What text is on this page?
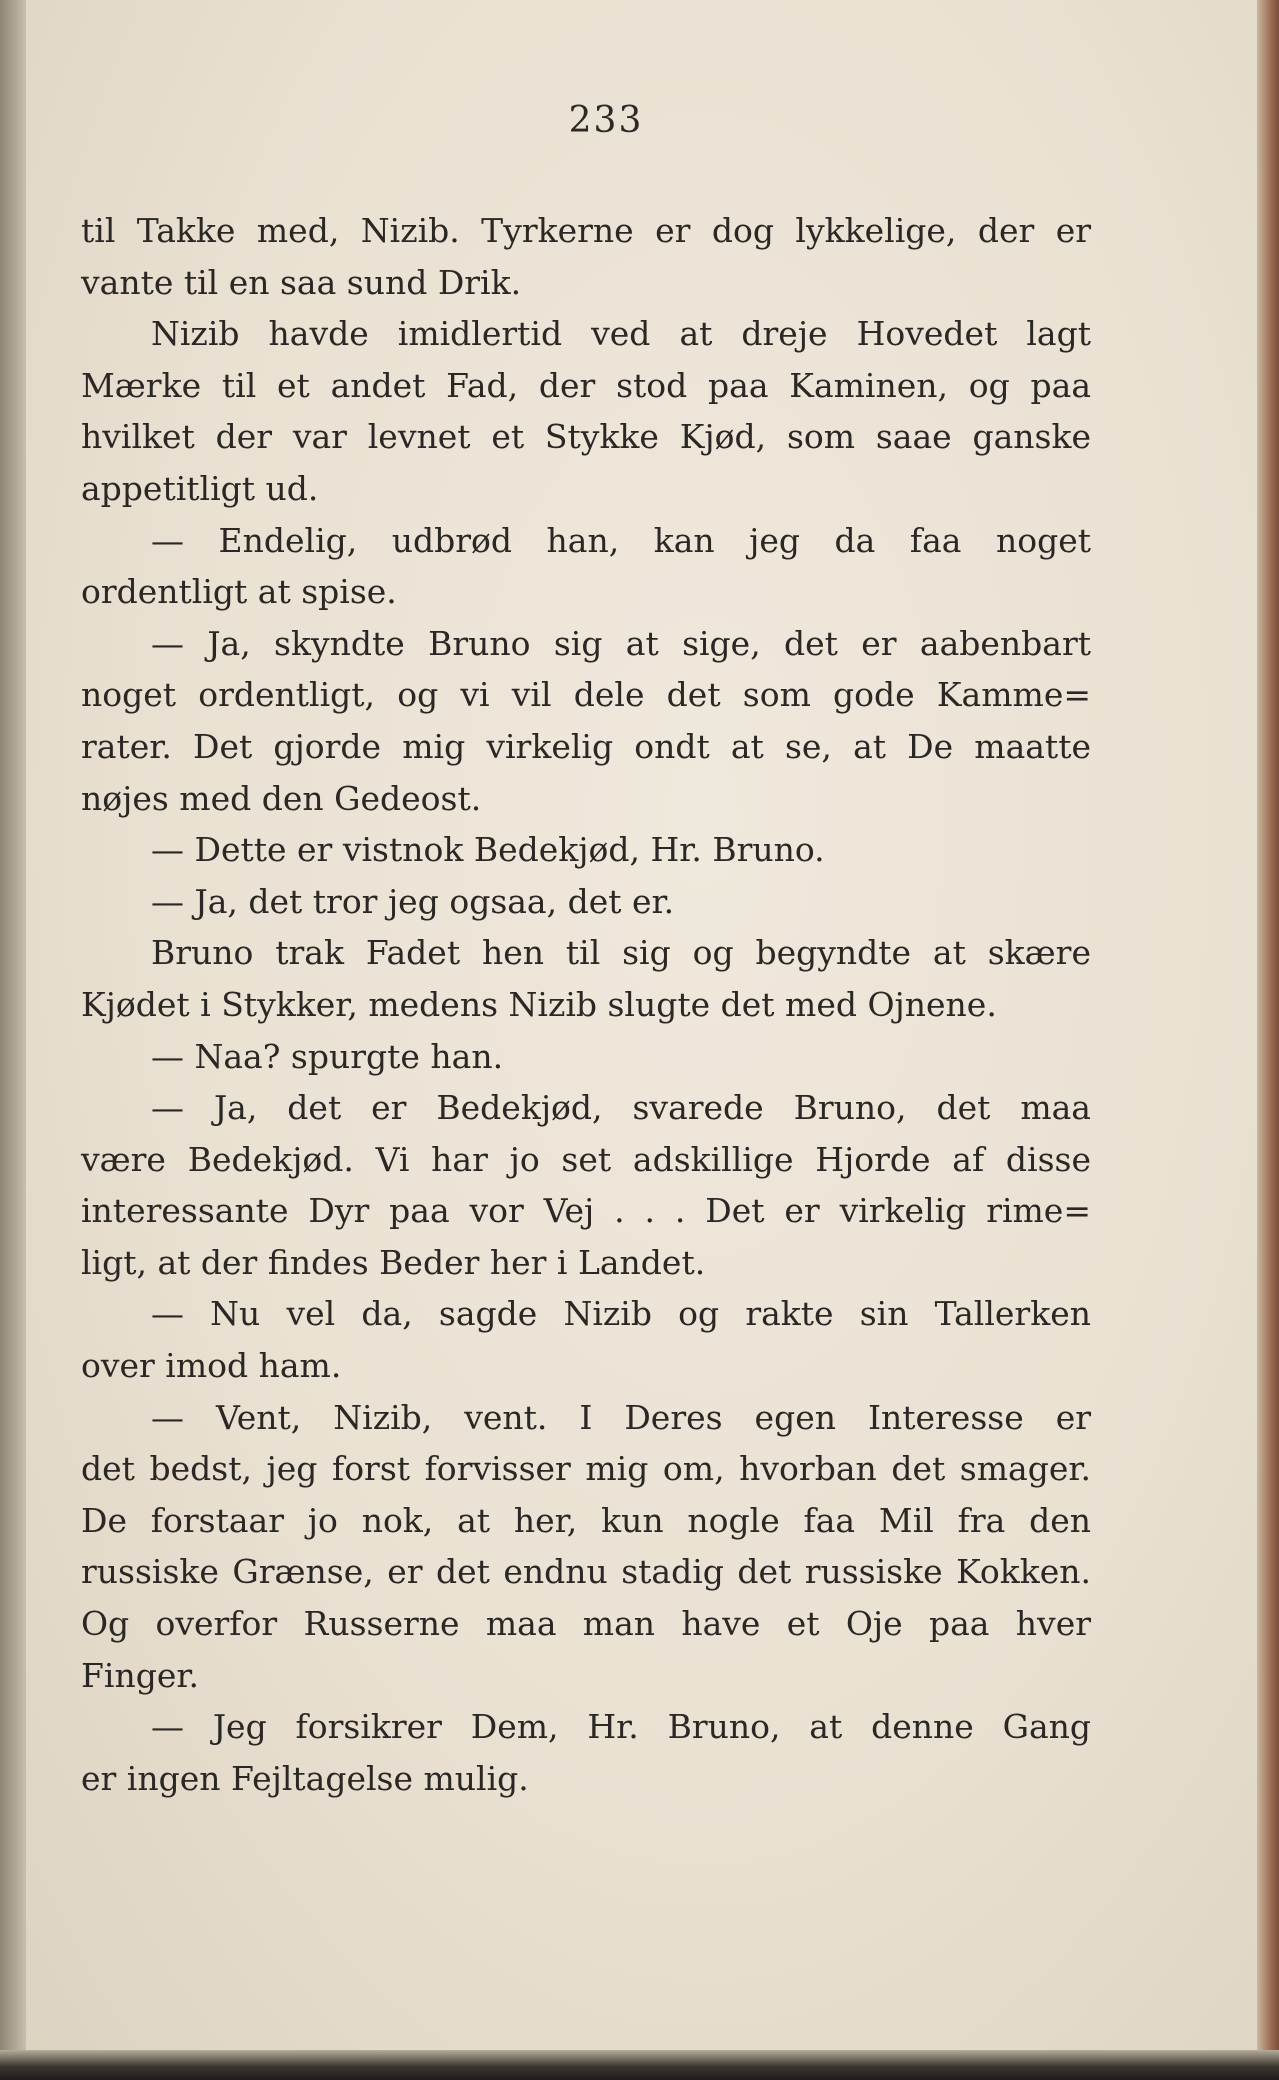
233
til Takke med, Nizib. Tyrkerne er dog lykkelige, der er
vante til en saa sund Drik.
Nizib havde imidlertid ved at dreje Hovedet lagt
Mærke til et andet Fad, der stod paa Kaminen, og paa
hvilket der var levnet et Stykke Kjød, som saae ganske
appetitligt ud.
— Endelig, udbrød han, kan jeg da faa noget
ordentligt at spise.
— Ja, skyndte Bruno sig at sige, det er aabenbart
noget ordentligt, og vi vil dele det som gode Kamme=
rater. Det gjorde mig virkelig ondt at se, at De maatte
nøjes med den Gedeost.
— Dette er vistnok Bedekjød, Hr. Bruno.
— Ja, det tror jeg ogsaa, det er.
Bruno trak Fadet hen til sig og begyndte at skære
Kjødet i Stykker, medens Nizib slugte det med Ojnene.
— Naa? spurgte han.
— Ja, det er Bedekjød, svarede Bruno, det maa
være Bedekjød. Vi har jo set adskillige Hjorde af disse
interessante Dyr paa vor Vej . . . Det er virkelig rime=
ligt, at der findes Beder her i Landet.
— Nu vel da, sagde Nizib og rakte sin Tallerken
over imod ham.
— Vent, Nizib, vent. I Deres egen Interesse er
det bedst, jeg forst forvisser mig om, hvorban det smager.
De forstaar jo nok, at her, kun nogle faa Mil fra den
russiske Grænse, er det endnu stadig det russiske Kokken.
Og overfor Russerne maa man have et Oje paa hver
Finger.
— Jeg forsikrer Dem, Hr. Bruno, at denne Gang
er ingen Fejltagelse mulig.
